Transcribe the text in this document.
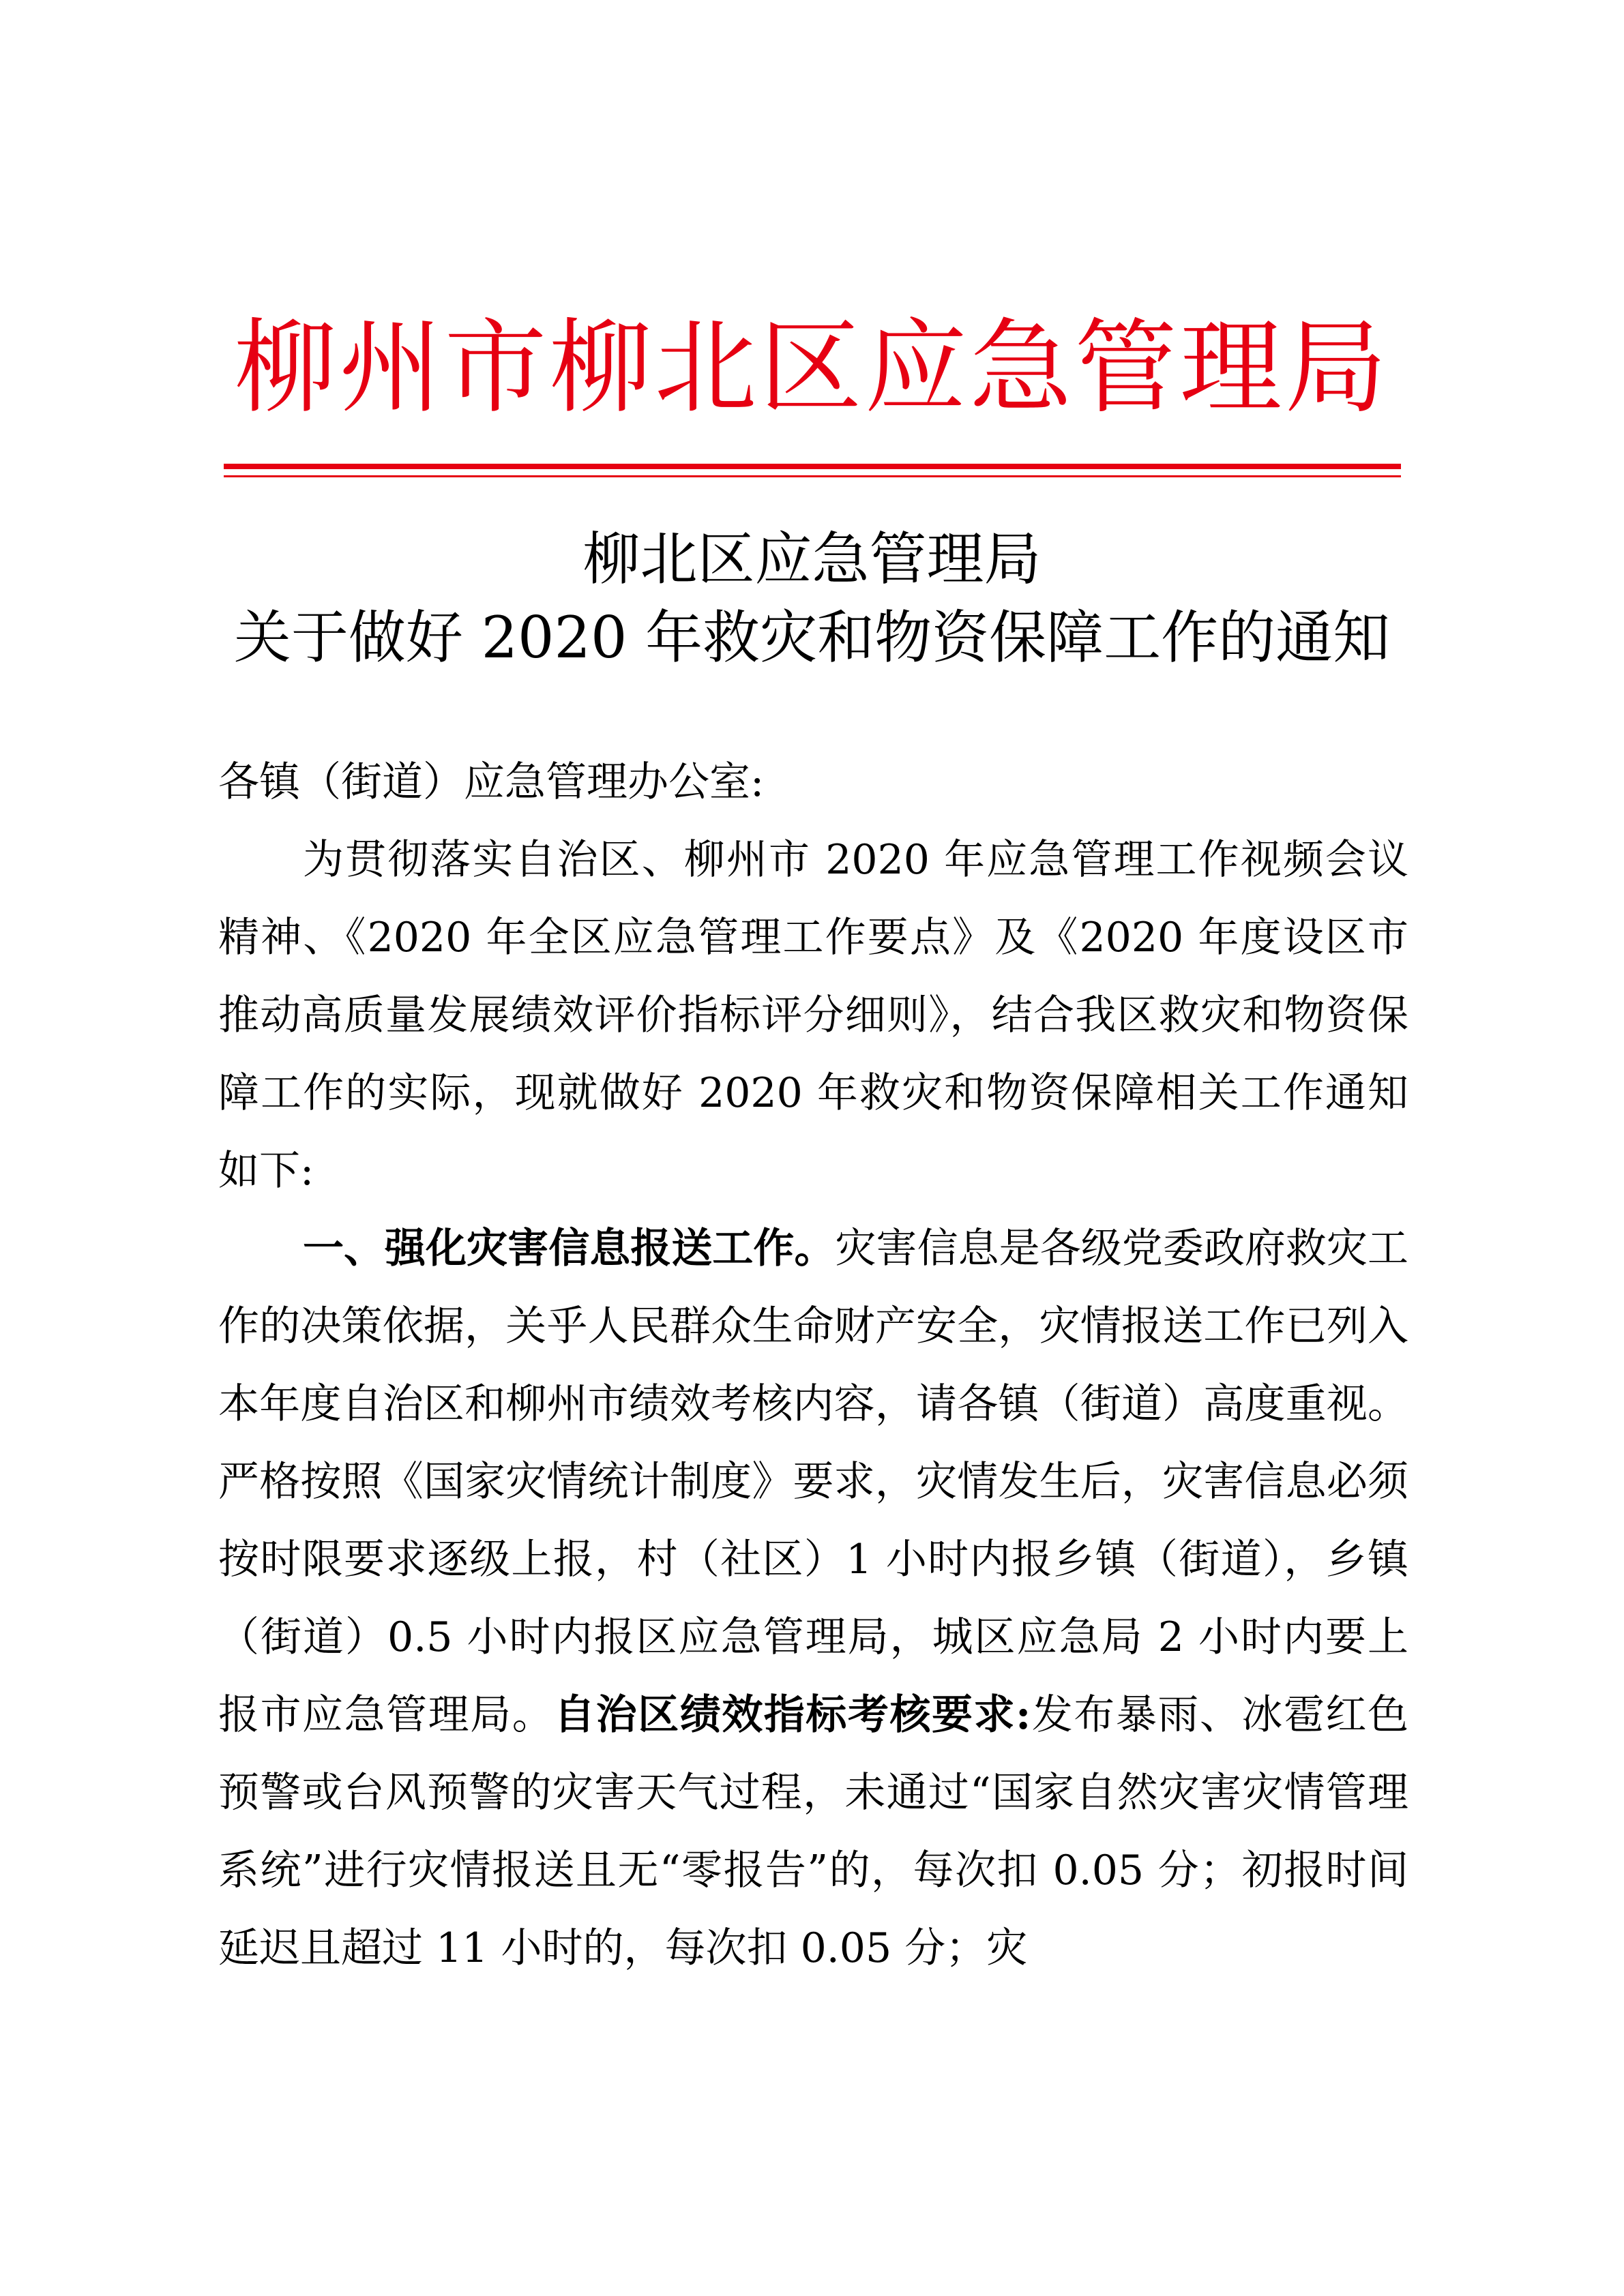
柳州市柳北区应急管理局
柳北区应急管理局
关于做好 2020 年救灾和物资保障工作的通知

各镇（街道）应急管理办公室:

为贯彻落实自治区、柳州市 2020 年应急管理工作视频会议精神、《2020 年全区应急管理工作要点》及《2020 年度设区市推动高质量发展绩效评价指标评分细则》，结合我区救灾和物资保障工作的实际，现就做好 2020 年救灾和物资保障相关工作通知如下:

一、强化灾害信息报送工作。灾害信息是各级党委政府救灾工作的决策依据，关乎人民群众生命财产安全，灾情报送工作已列入本年度自治区和柳州市绩效考核内容，请各镇（街道）高度重视。严格按照《国家灾情统计制度》要求，灾情发生后，灾害信息必须按时限要求逐级上报，村（社区）1 小时内报乡镇（街道），乡镇（街道）0.5 小时内报区应急管理局，城区应急局 2 小时内要上报市应急管理局。自治区绩效指标考核要求:发布暴雨、冰雹红色预警或台风预警的灾害天气过程，未通过“国家自然灾害灾情管理系统”进行灾情报送且无“零报告”的，每次扣 0.05 分；初报时间延迟且超过 11 小时的，每次扣 0.05 分；灾
